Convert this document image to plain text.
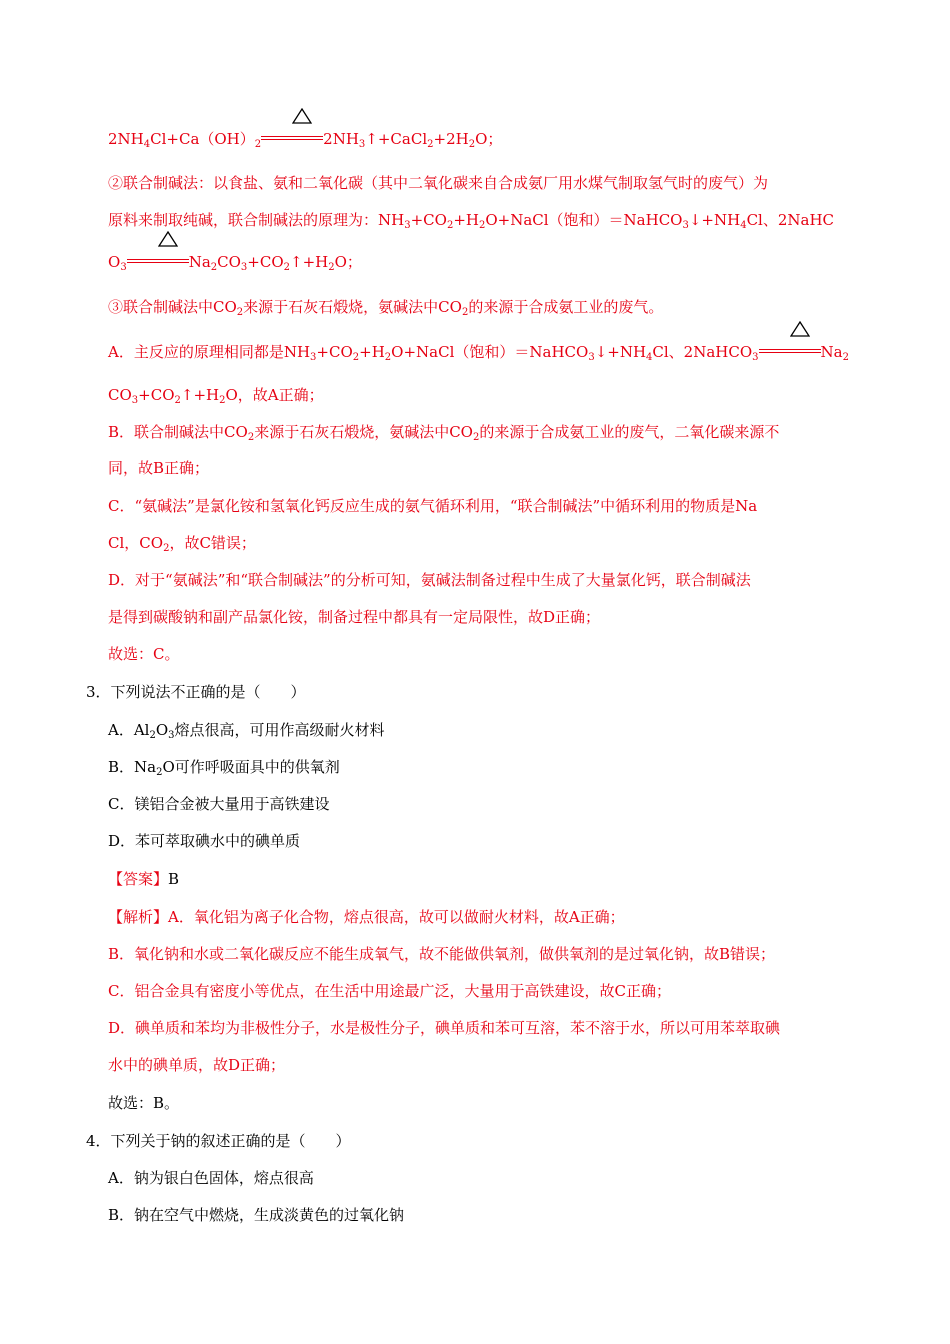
$2NH_4Cl+Ca(OH)_2$	$2NH_3↑+CaCl_2+2H_2O$；
②联合制碱法：以食盐、氨和二氧化碳（其中二氧化碳来自合成氨厂用水煤气制取氢气时的废气）为
原料来制取纯碱，联合制碱法的原理为：$NH_3+CO_2+H_2O+NaCl$（饱和）$=NaHCO_3↓+NH_4Cl$、2NaHC
$O_3$	$Na_2CO_3+CO_2↑+H_2O$；
③联合制碱法中$CO_2$来源于石灰石煅烧，氨碱法中$CO_2$的来源于合成氨工业的废气。
A．主反应的原理相同都是$NH_3+CO_2+H_2O+NaCl$（饱和）$=NaHCO_3↓+NH_4Cl$、2NaHCO$_3$	$Na_2$
$CO_3+CO_2↑+H_2O$，故A正确；
B．联合制碱法中$CO_2$来源于石灰石煅烧，氨碱法中$CO_2$的来源于合成氨工业的废气，二氧化碳来源不
同，故B正确；
C．“氨碱法”是氯化铵和氢氧化钙反应生成的氨气循环利用，“联合制碱法”中循环利用的物质是Na
Cl，$CO_2$，故C错误；
D．对于“氨碱法”和“联合制碱法”的分析可知，氨碱法制备过程中生成了大量氯化钙，联合制碱法
是得到碳酸钠和副产品氯化铵，制备过程中都具有一定局限性，故D正确；
故选：C。
3．下列说法不正确的是（　　）
A．$Al_2O_3$熔点很高，可用作高级耐火材料
B．$Na_2O$可作呼吸面具中的供氧剂
C．镁铝合金被大量用于高铁建设
D．苯可萃取碘水中的碘单质
【答案】B
【解析】A．氧化铝为离子化合物，熔点很高，故可以做耐火材料，故A正确；
B．氧化钠和水或二氧化碳反应不能生成氧气，故不能做供氧剂，做供氧剂的是过氧化钠，故B错误；
C．铝合金具有密度小等优点，在生活中用途最广泛，大量用于高铁建设，故C正确；
D．碘单质和苯均为非极性分子，水是极性分子，碘单质和苯可互溶，苯不溶于水，所以可用苯萃取碘
水中的碘单质，故D正确；
故选：B。
4．下列关于钠的叙述正确的是（　　）
A．钠为银白色固体，熔点很高
B．钠在空气中燃烧，生成淡黄色的过氧化钠
